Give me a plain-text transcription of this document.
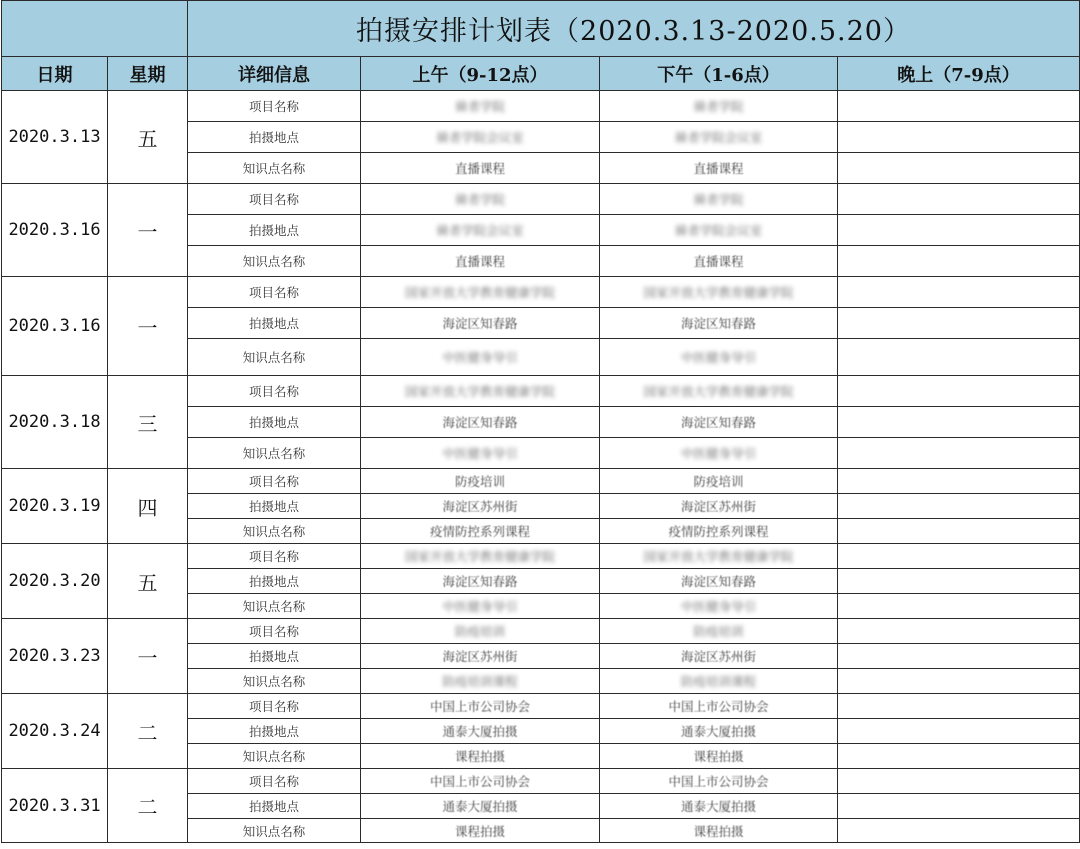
		拍摄安排计划表（2020.3.13-2020.5.20）			
日期	星期	详细信息	上午（9-12点）	下午（1-6点）	晚上（7-9点）
2020.3.13	五	项目名称	骑者学院	骑者学院	
		拍摄地点	骑者学院会议室	骑者学院会议室	
		知识点名称	直播课程	直播课程	
2020.3.16	一	项目名称	骑者学院	骑者学院	
		拍摄地点	骑者学院会议室	骑者学院会议室	
		知识点名称	直播课程	直播课程	
2020.3.16	一	项目名称	国家开放大学教育健康学院	国家开放大学教育健康学院	
		拍摄地点	海淀区知春路	海淀区知春路	
		知识点名称	中医健身导引	中医健身导引	
2020.3.18	三	项目名称	国家开放大学教育健康学院	国家开放大学教育健康学院	
		拍摄地点	海淀区知春路	海淀区知春路	
		知识点名称	中医健身导引	中医健身导引	
2020.3.19	四	项目名称	防疫培训	防疫培训	
		拍摄地点	海淀区苏州街	海淀区苏州街	
		知识点名称	疫情防控系列课程	疫情防控系列课程	
2020.3.20	五	项目名称	国家开放大学教育健康学院	国家开放大学教育健康学院	
		拍摄地点	海淀区知春路	海淀区知春路	
		知识点名称	中医健身导引	中医健身导引	
2020.3.23	一	项目名称	防疫培训	防疫培训	
		拍摄地点	海淀区苏州街	海淀区苏州街	
		知识点名称	防疫培训课程	防疫培训课程	
2020.3.24	二	项目名称	中国上市公司协会	中国上市公司协会	
		拍摄地点	通泰大厦拍摄	通泰大厦拍摄	
		知识点名称	课程拍摄	课程拍摄	
2020.3.31	二	项目名称	中国上市公司协会	中国上市公司协会	
		拍摄地点	通泰大厦拍摄	通泰大厦拍摄	
		知识点名称	课程拍摄	课程拍摄	
